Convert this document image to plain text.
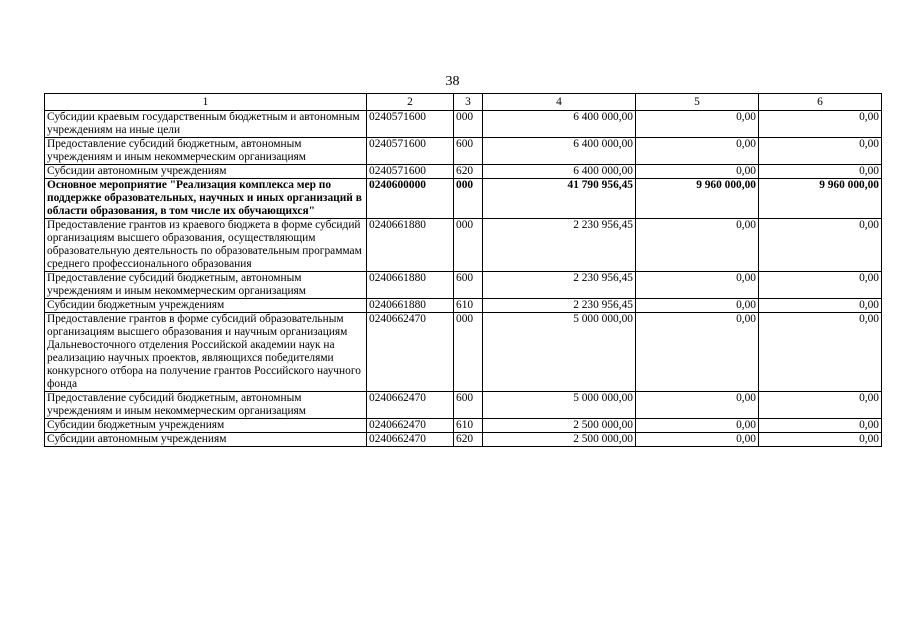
38
1	2	3	4	5	6
Субсидии краевым государственным бюджетным и автономным учреждениям на иные цели	0240571600	000	6 400 000,00	0,00	0,00
Предоставление субсидий бюджетным, автономным учреждениям и иным некоммерческим организациям	0240571600	600	6 400 000,00	0,00	0,00
Субсидии автономным учреждениям	0240571600	620	6 400 000,00	0,00	0,00
Основное мероприятие "Реализация комплекса мер по поддержке образовательных, научных и иных организаций в области образования, в том числе их обучающихся"	0240600000	000	41 790 956,45	9 960 000,00	9 960 000,00
Предоставление грантов из краевого бюджета в форме субсидий организациям высшего образования, осуществляющим образовательную деятельность по образовательным программам среднего профессионального образования	0240661880	000	2 230 956,45	0,00	0,00
Предоставление субсидий бюджетным, автономным учреждениям и иным некоммерческим организациям	0240661880	600	2 230 956,45	0,00	0,00
Субсидии бюджетным учреждениям	0240661880	610	2 230 956,45	0,00	0,00
Предоставление грантов в форме субсидий образовательным организациям высшего образования и научным организациям Дальневосточного отделения Российской академии наук на реализацию научных проектов, являющихся победителями конкурсного отбора на получение грантов Российского научного фонда	0240662470	000	5 000 000,00	0,00	0,00
Предоставление субсидий бюджетным, автономным учреждениям и иным некоммерческим организациям	0240662470	600	5 000 000,00	0,00	0,00
Субсидии бюджетным учреждениям	0240662470	610	2 500 000,00	0,00	0,00
Субсидии автономным учреждениям	0240662470	620	2 500 000,00	0,00	0,00
